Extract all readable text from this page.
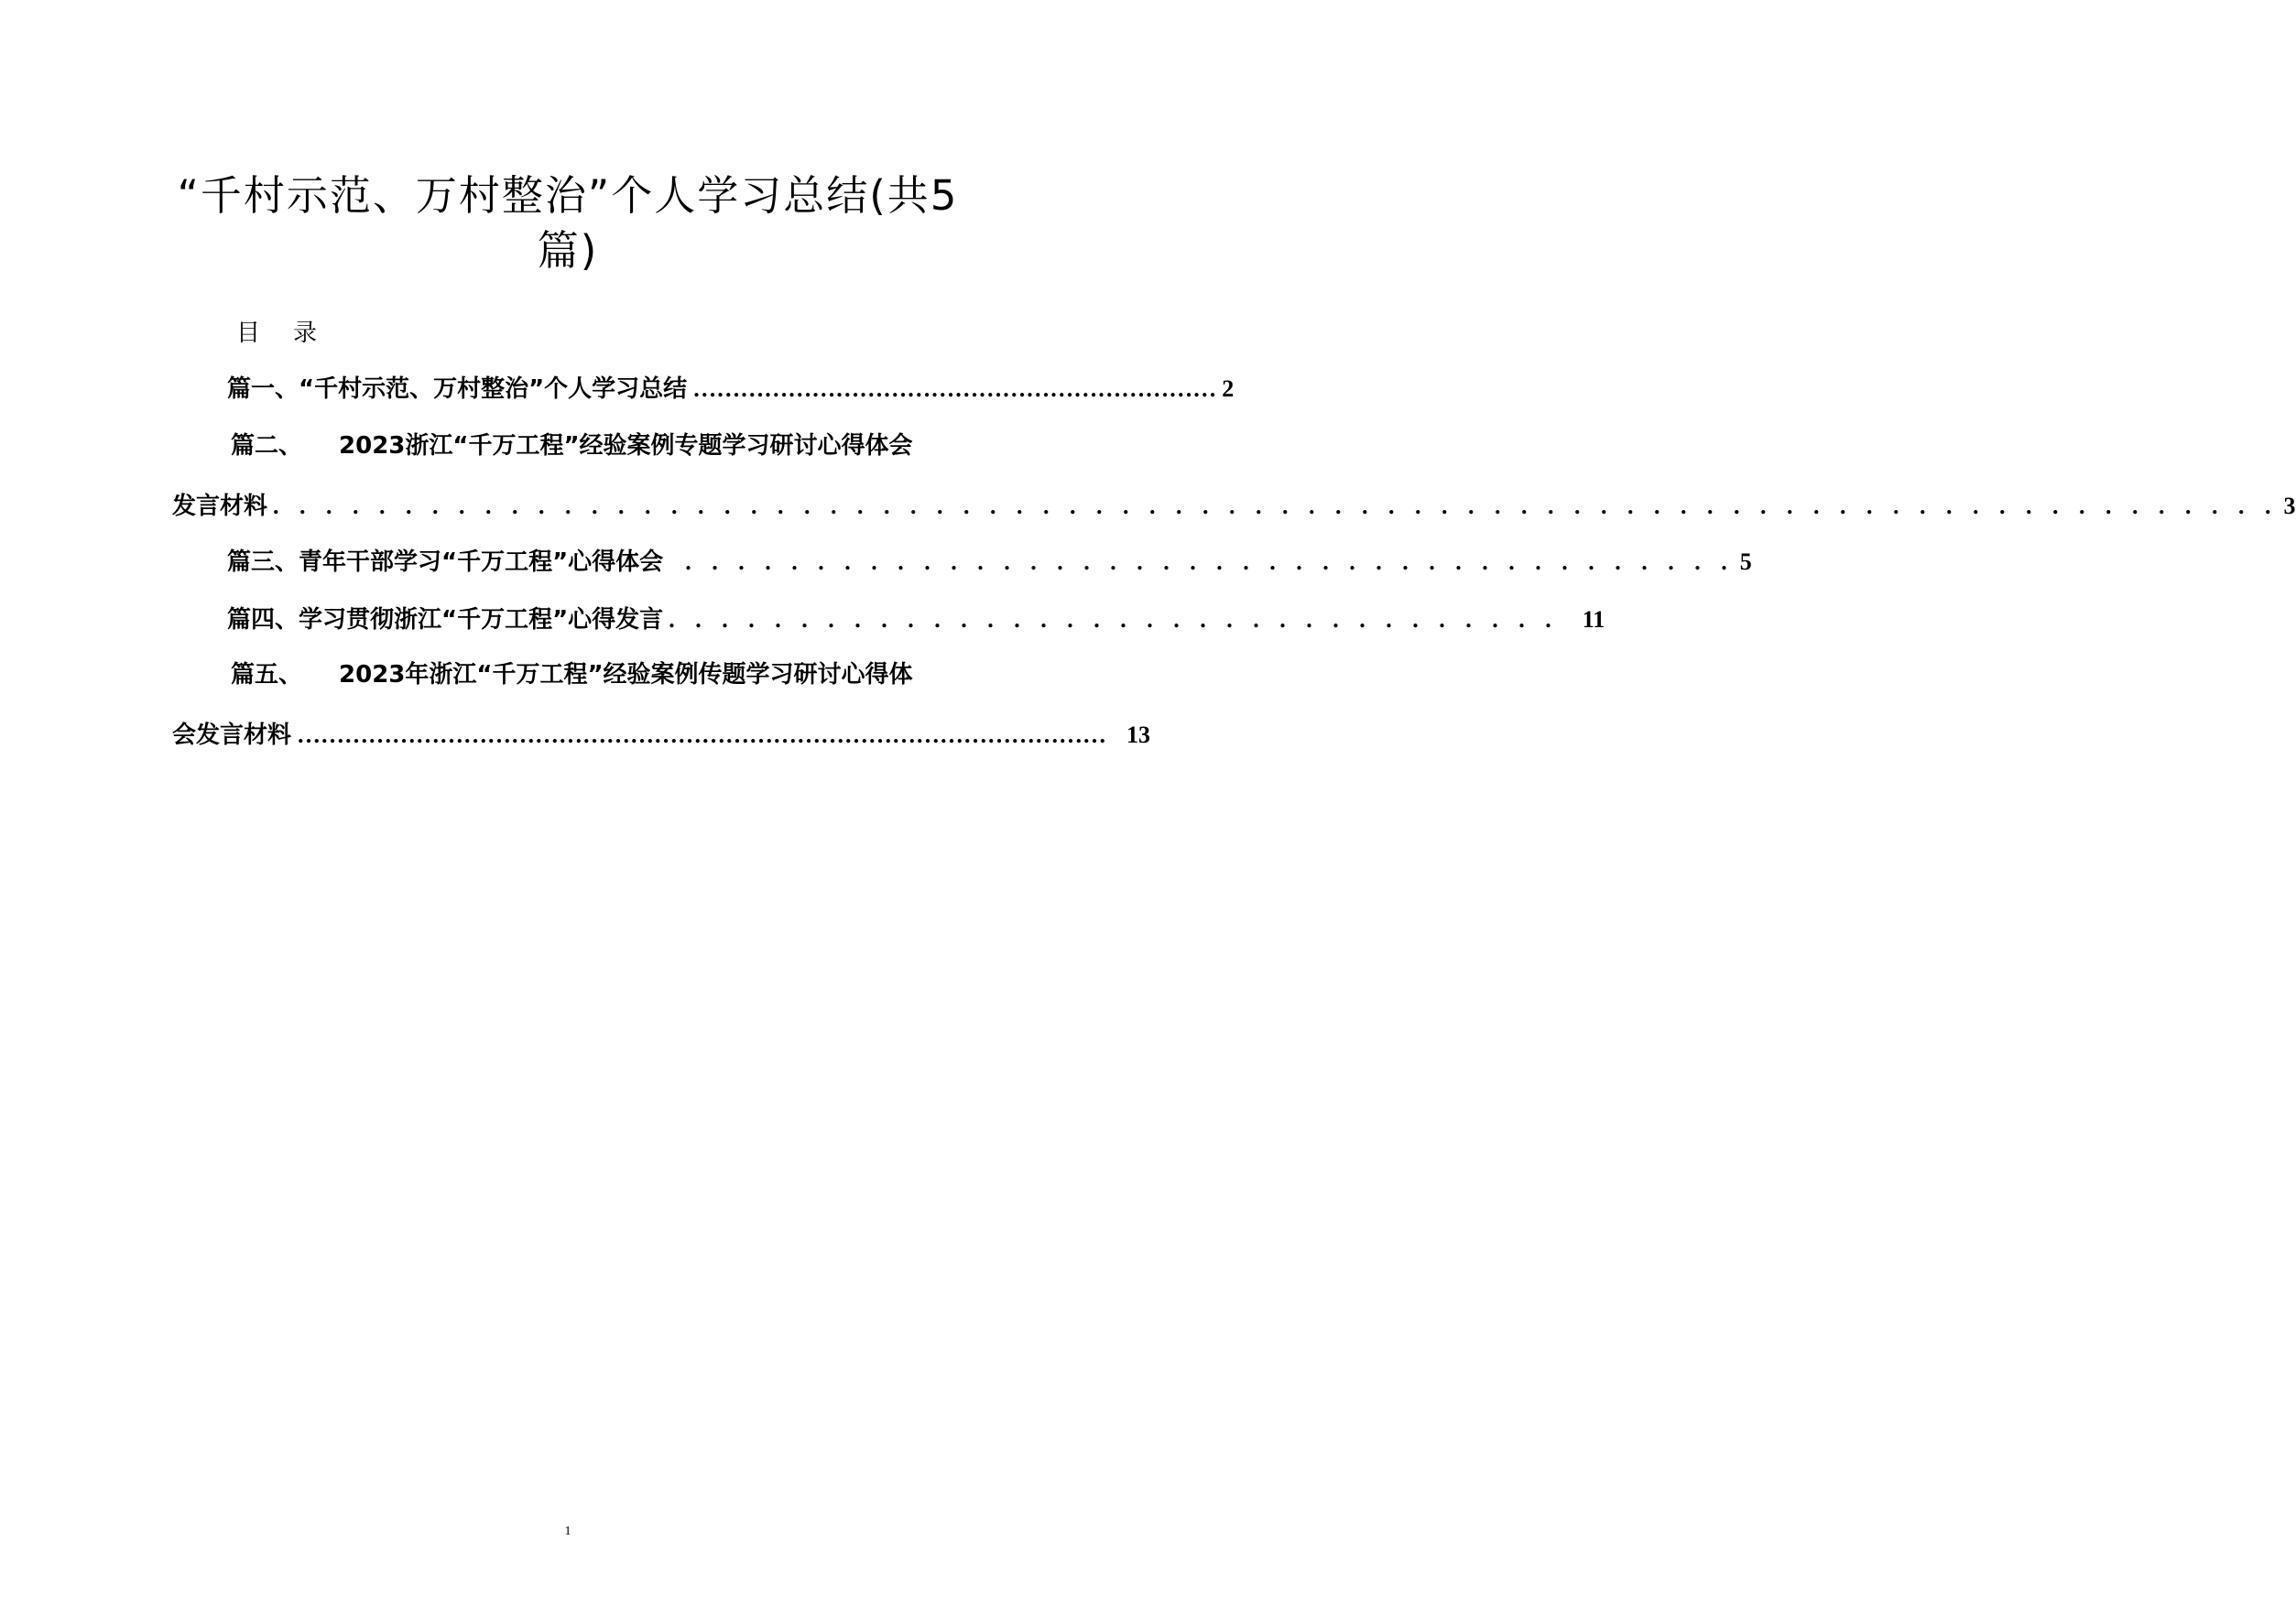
“千村示范、万村整治”个人学习总结(共5
篇)
目录
篇一、“千村示范、万村整治”个人学习总结 ………………………………………………………… 2
篇二、 2023浙江“千万工程”经验案例专题学习研讨心得体会
发言材料 . . . . . . . . . . . . . . . . . . . . . . . . . . . . . . . . . . . . . . . . . . . . . . . . . . . . . . . . . . . . . . . . . . . . . . . . . . . . 3
篇三、青年干部学习“千万工程”心得体会 . . . . . . . . . . . . . . . . . . . . . . . . . . . . . . . . . . . . . . . . 5
篇四、学习贯彻浙江“千万工程”心得发言 . . . . . . . . . . . . . . . . . . . . . . . . . . . . . . . . . . 11
篇五、 2023年浙江“千万工程”经验案例传题学习研讨心得体
会发言材料 ………………………………………………………………………………………… 13
1
